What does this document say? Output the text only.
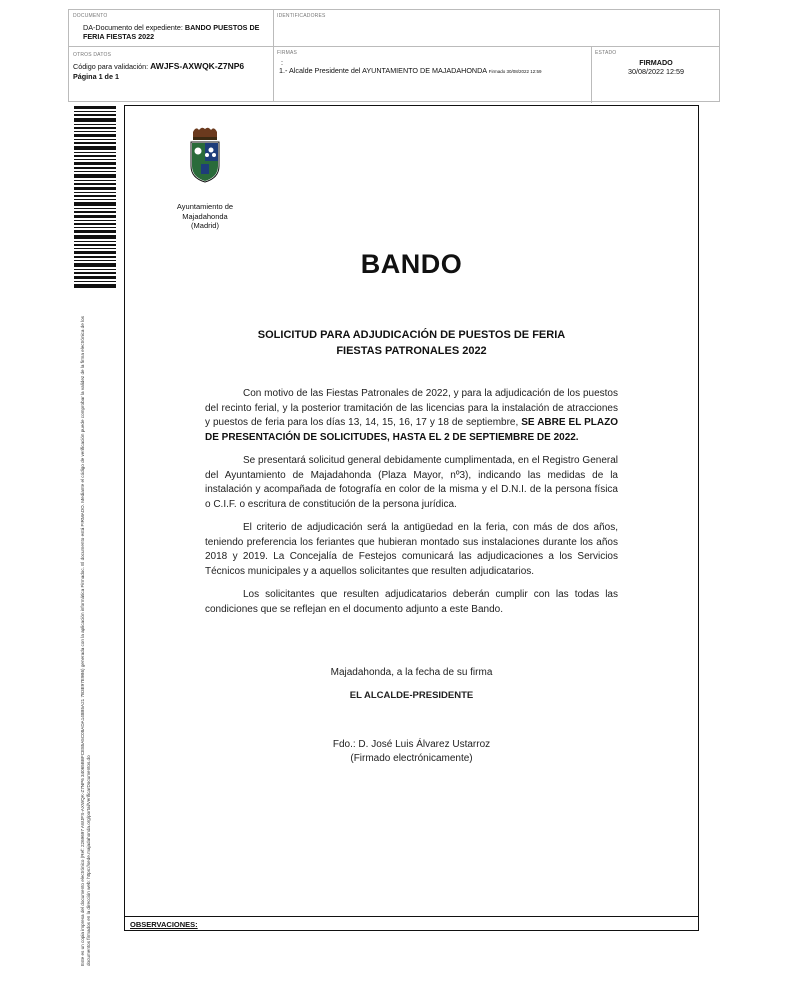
DOCUMENTO
DA-Documento del expediente: BANDO PUESTOS DE FERIA FIESTAS 2022
IDENTIFICADORES
OTROS DATOS
Código para validación: AWJFS-AXWQK-Z7NP6
Página 1 de 1
FIRMAS
:
1.- Alcalde Presidente del AYUNTAMIENTO DE MAJADAHONDA Firmado 30/08/2022 12:59
ESTADO
FIRMADO
30/08/2022 12:59
Este es un copia impresa del documento electrónico (Ref: 2269697 AWJFS-AXWQK-Z7NP6 34065BBFCE85A5C08ADA148B5A21 7B3E97E9B6) generada con la aplicación informática Firmadoc. El documento está FIRMADO. Mediante el código de verificación puede comprobar la validez de la firma electrónica de los documentos firmados en la dirección web: https://sede.majadahonda.org/portal/VerificarDocumentos.do
Ayuntamiento de
Majadahonda
(Madrid)
BANDO
SOLICITUD PARA ADJUDICACIÓN DE PUESTOS DE FERIA
FIESTAS PATRONALES 2022

Con motivo de las Fiestas Patronales de 2022, y para la adjudicación de los puestos del recinto ferial, y la posterior tramitación de las licencias para la instalación de atracciones y puestos de feria para los días 13, 14, 15, 16, 17 y 18 de septiembre, SE ABRE EL PLAZO DE PRESENTACIÓN DE SOLICITUDES, HASTA EL 2 DE SEPTIEMBRE DE 2022.

Se presentará solicitud general debidamente cumplimentada, en el Registro General del Ayuntamiento de Majadahonda (Plaza Mayor, nº3), indicando las medidas de la instalación y acompañada de fotografía en color de la misma y el D.N.I. de la persona física o C.I.F. o escritura de constitución de la persona jurídica.

El criterio de adjudicación será la antigüedad en la feria, con más de dos años, teniendo preferencia los feriantes que hubieran montado sus instalaciones durante los años 2018 y 2019. La Concejalía de Festejos comunicará las adjudicaciones a los Servicios Técnicos municipales y a aquellos solicitantes que resulten adjudicatarios.

Los solicitantes que resulten adjudicatarios deberán cumplir con las todas las condiciones que se reflejan en el documento adjunto a este Bando.

Majadahonda, a la fecha de su firma
EL ALCALDE-PRESIDENTE
Fdo.: D. José Luis Álvarez Ustarroz
(Firmado electrónicamente)
OBSERVACIONES:
